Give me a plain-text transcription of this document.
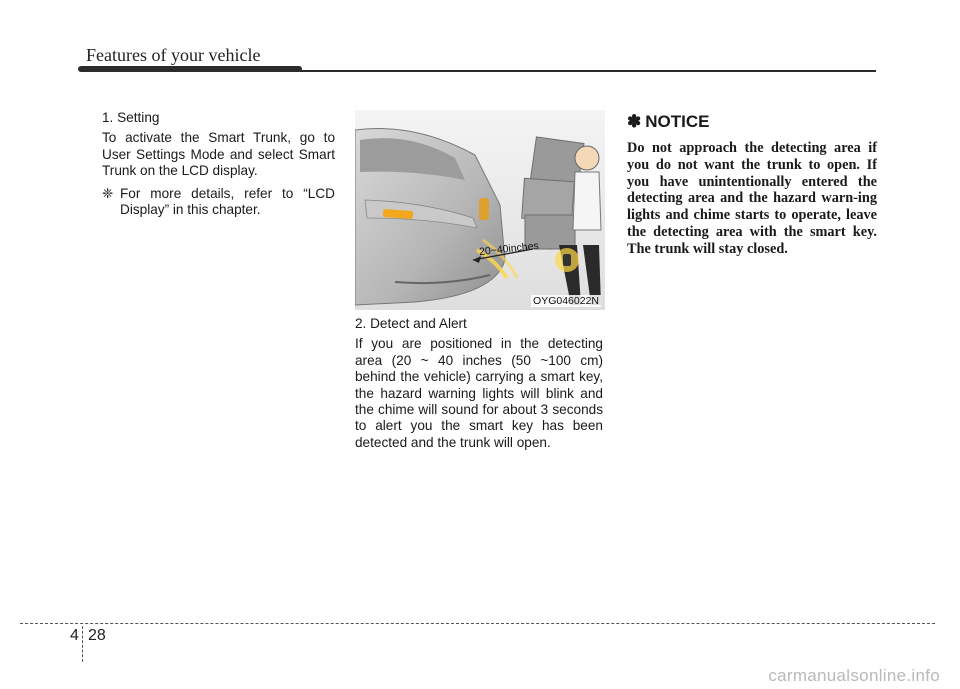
Features of your vehicle
1. Setting

To activate the Smart Trunk, go to User Settings Mode and select Smart Trunk on the LCD display.

❈ For more details, refer to “LCD Display” in this chapter.
20~40inches
OYG046022N
2. Detect and Alert

If you are positioned in the detecting area (20 ~ 40 inches (50 ~100 cm) behind the vehicle) carrying a smart key, the hazard warning lights will blink and the chime will sound for about 3 seconds to alert you the smart key has been detected and the trunk will open.

✽ NOTICE

Do not approach the detecting area if you do not want the trunk to open. If you have unintentionally entered the detecting area and the hazard warn-ing lights and chime starts to operate, leave the detecting area with the smart key. The trunk will stay closed.

4 28
carmanualsonline.info
